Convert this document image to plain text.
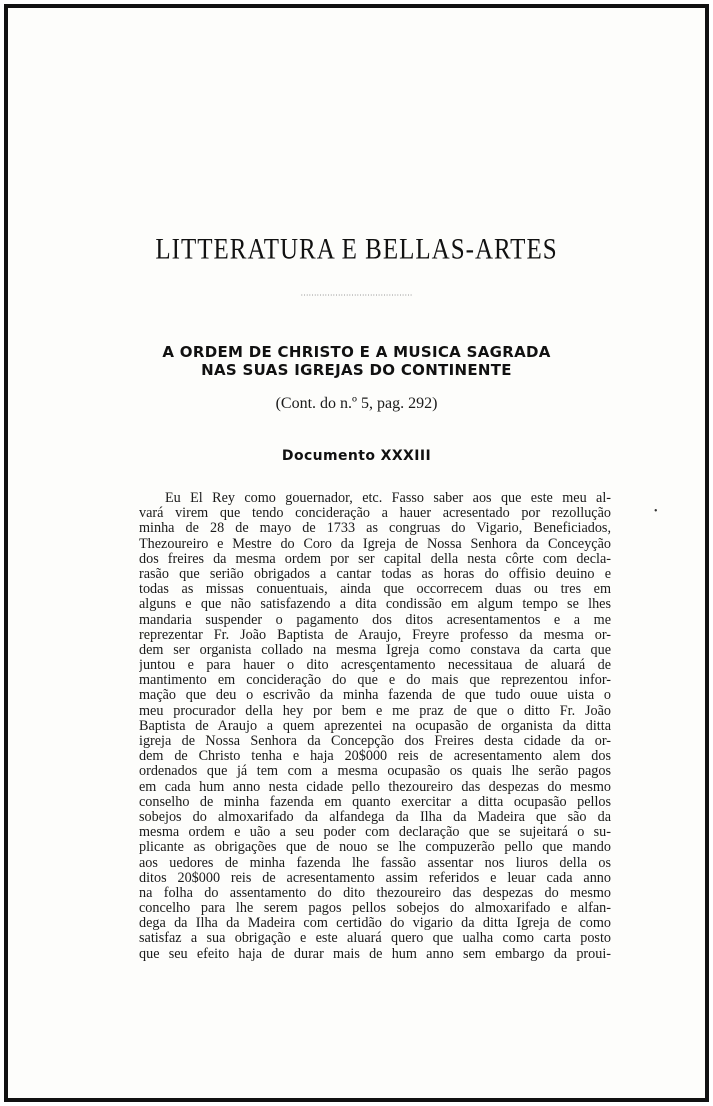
LITTERATURA E BELLAS-ARTES
··········································
A ORDEM DE CHRISTO E A MUSICA SAGRADA
NAS SUAS IGREJAS DO CONTINENTE
(Cont. do n.º 5, pag. 292)
Documento XXXIII
•
Eu El Rey como gouernador, etc. Fasso saber aos que este meu al-
vará virem que tendo concideração a hauer acresentado por rezollução
minha de 28 de mayo de 1733 as congruas do Vigario, Beneficiados,
Thezoureiro e Mestre do Coro da Igreja de Nossa Senhora da Conceyção
dos freires da mesma ordem por ser capital della nesta côrte com decla-
rasão que serião obrigados a cantar todas as horas do offisio deuino e
todas as missas conuentuais, ainda que occorrecem duas ou tres em
alguns e que não satisfazendo a dita condissão em algum tempo se lhes
mandaria suspender o pagamento dos ditos acresentamentos e a me
reprezentar Fr. João Baptista de Araujo, Freyre professo da mesma or-
dem ser organista collado na mesma Igreja como constava da carta que
juntou e para hauer o dito acresçentamento necessitaua de aluará de
mantimento em concideração do que e do mais que reprezentou infor-
mação que deu o escrivão da minha fazenda de que tudo ouue uista o
meu procurador della hey por bem e me praz de que o ditto Fr. João
Baptista de Araujo a quem aprezentei na ocupasão de organista da ditta
igreja de Nossa Senhora da Concepção dos Freires desta cidade da or-
dem de Christo tenha e haja 20$000 reis de acresentamento alem dos
ordenados que já tem com a mesma ocupasão os quais lhe serão pagos
em cada hum anno nesta cidade pello thezoureiro das despezas do mesmo
conselho de minha fazenda em quanto exercitar a ditta ocupasão pellos
sobejos do almoxarifado da alfandega da Ilha da Madeira que são da
mesma ordem e uão a seu poder com declaração que se sujeitará o su-
plicante as obrigações que de nouo se lhe compuzerão pello que mando
aos uedores de minha fazenda lhe fassão assentar nos liuros della os
ditos 20$000 reis de acresentamento assim referidos e leuar cada anno
na folha do assentamento do dito thezoureiro das despezas do mesmo
concelho para lhe serem pagos pellos sobejos do almoxarifado e alfan-
dega da Ilha da Madeira com certidão do vigario da ditta Igreja de como
satisfaz a sua obrigação e este aluará quero que ualha como carta posto
que seu efeito haja de durar mais de hum anno sem embargo da proui-
